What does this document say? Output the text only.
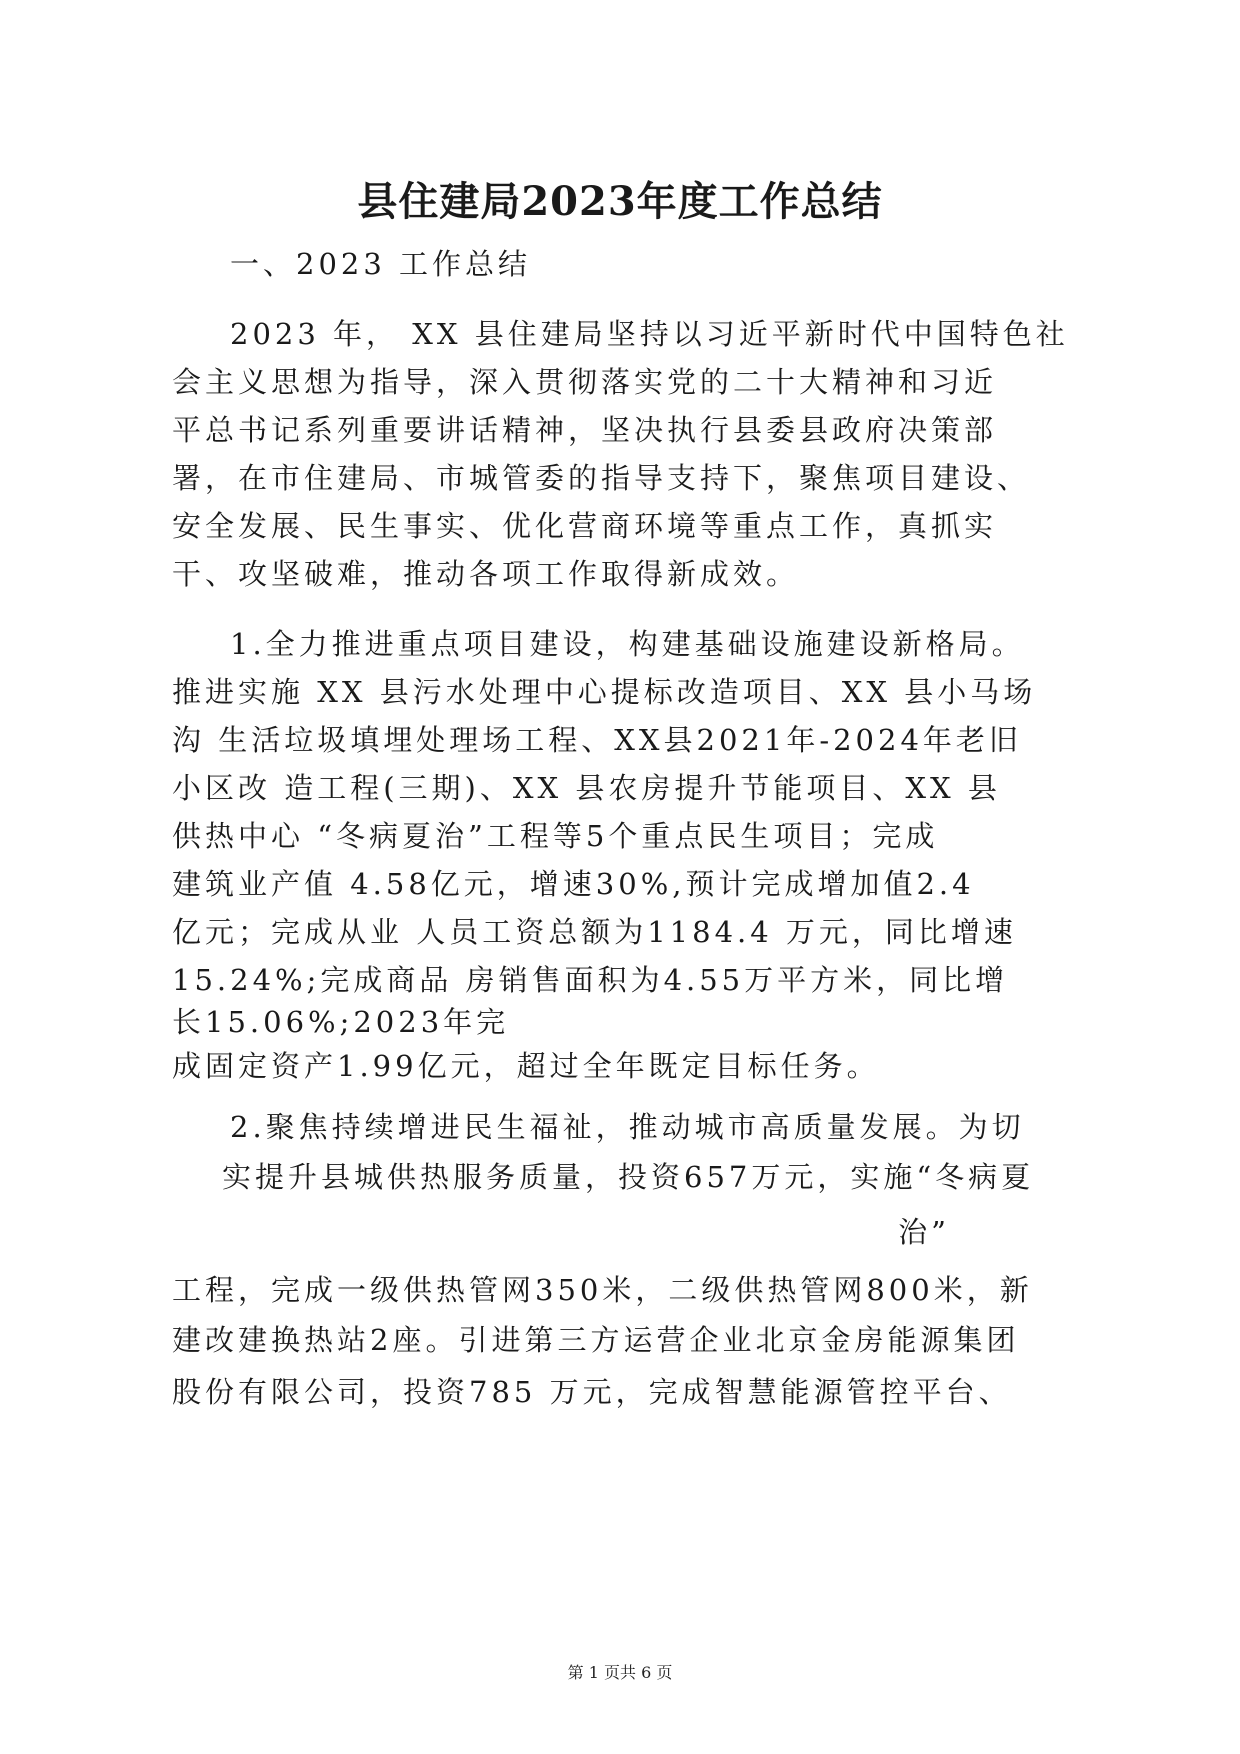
县住建局2023年度工作总结
一、2023 工作总结
2023 年， XX 县住建局坚持以习近平新时代中国特色社
会主义思想为指导，深入贯彻落实党的二十大精神和习近
平总书记系列重要讲话精神，坚决执行县委县政府决策部
署，在市住建局、市城管委的指导支持下，聚焦项目建设、
安全发展、民生事实、优化营商环境等重点工作，真抓实
干、攻坚破难，推动各项工作取得新成效。
1.全力推进重点项目建设，构建基础设施建设新格局。
推进实施 XX 县污水处理中心提标改造项目、XX 县小马场
沟 生活垃圾填埋处理场工程、XX县2021年-2024年老旧
小区改 造工程(三期)、XX 县农房提升节能项目、XX 县
供热中心 “冬病夏治”工程等5个重点民生项目；完成
建筑业产值 4.58亿元，增速30%,预计完成增加值2.4
亿元；完成从业 人员工资总额为1184.4 万元，同比增速
15.24%;完成商品 房销售面积为4.55万平方米，同比增
长15.06%;2023年完
成固定资产1.99亿元，超过全年既定目标任务。
2.聚焦持续增进民生福祉，推动城市高质量发展。为切
实提升县城供热服务质量，投资657万元，实施“冬病夏
治”
工程，完成一级供热管网350米，二级供热管网800米，新
建改建换热站2座。引进第三方运营企业北京金房能源集团
股份有限公司，投资785 万元，完成智慧能源管控平台、
第 1 页共 6 页
